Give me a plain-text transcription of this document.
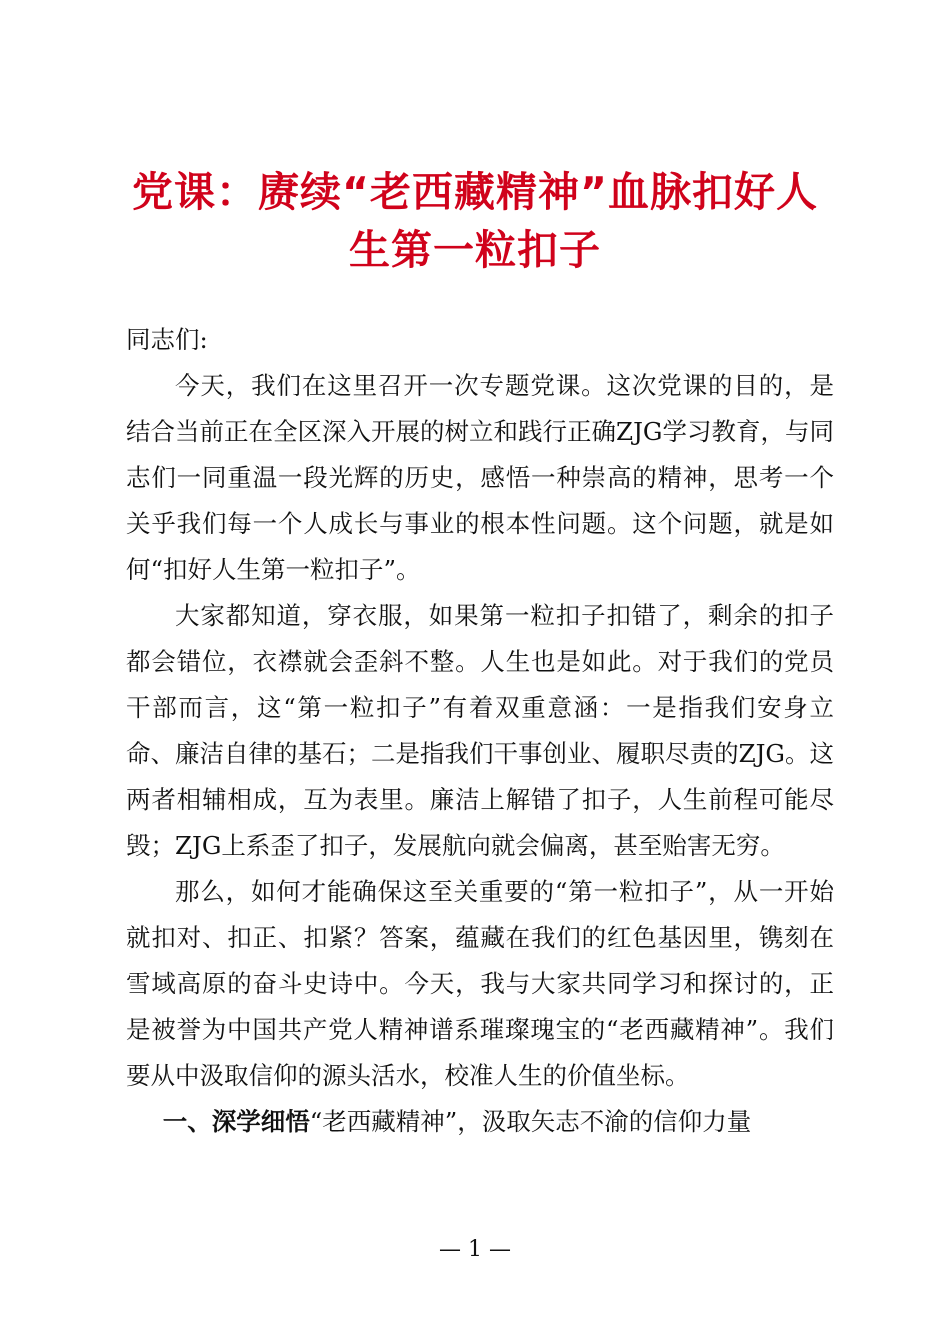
党课：赓续“老西藏精神”血脉扣好人
生第一粒扣子

同志们:

今天，我们在这里召开一次专题党课。这次党课的目的，是结合当前正在全区深入开展的树立和践行正确ZJG学习教育，与同志们一同重温一段光辉的历史，感悟一种崇高的精神，思考一个关乎我们每一个人成长与事业的根本性问题。这个问题，就是如何“扣好人生第一粒扣子”。

大家都知道，穿衣服，如果第一粒扣子扣错了，剩余的扣子都会错位，衣襟就会歪斜不整。人生也是如此。对于我们的党员干部而言，这“第一粒扣子”有着双重意涵：一是指我们安身立命、廉洁自律的基石；二是指我们干事创业、履职尽责的ZJG。这两者相辅相成，互为表里。廉洁上解错了扣子，人生前程可能尽毁；ZJG上系歪了扣子，发展航向就会偏离，甚至贻害无穷。

那么，如何才能确保这至关重要的“第一粒扣子”，从一开始就扣对、扣正、扣紧？答案，蕴藏在我们的红色基因里，镌刻在雪域高原的奋斗史诗中。今天，我与大家共同学习和探讨的，正是被誉为中国共产党人精神谱系璀璨瑰宝的“老西藏精神”。我们要从中汲取信仰的源头活水，校准人生的价值坐标。

一、深学细悟“老西藏精神”，汲取矢志不渝的信仰力量

— 1 —
